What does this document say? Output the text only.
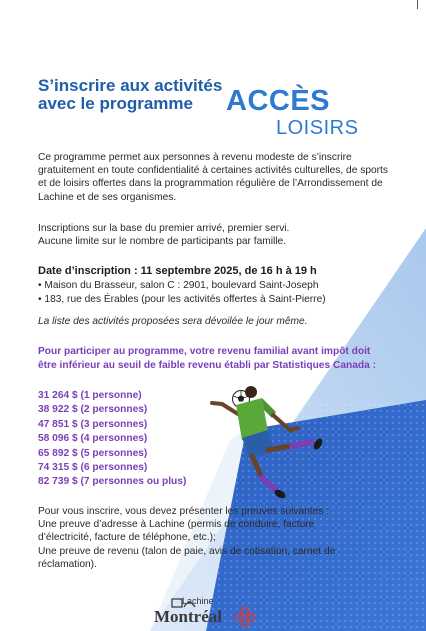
S’inscrire aux activités
avec le programme	ACCÈS
LOISIRS
Ce programme permet aux personnes à revenu modeste de s’inscrire gratuitement en toute confidentialité à certaines activités culturelles, de sports et de loisirs offertes dans la programmation régulière de l’Arrondissement de Lachine et de ses organismes.
Inscriptions sur la base du premier arrivé, premier servi.
Aucune limite sur le nombre de participants par famille.
Date d’inscription : 11 septembre 2025, de 16 h à 19 h
• Maison du Brasseur, salon C : 2901, boulevard Saint-Joseph
• 183, rue des Érables (pour les activités offertes à Saint-Pierre)
La liste des activités proposées sera dévoilée le jour même.
Pour participer au programme, votre revenu familial avant impôt doit être inférieur au seuil de faible revenu établi par Statistiques Canada :
31 264 $ (1 personne)
38 922 $ (2 personnes)
47 851 $ (3 personnes)
58 096 $ (4 personnes)
65 892 $ (5 personnes)
74 315 $ (6 personnes)
82 739 $ (7 personnes ou plus)
Pour vous inscrire, vous devez présenter les preuves suivantes :
Une preuve d’adresse à Lachine (permis de conduire, facture d’électricité, facture de téléphone, etc.);
Une preuve de revenu (talon de paie, avis de cotisation, carnet de réclamation).
Lachine
Montréal
